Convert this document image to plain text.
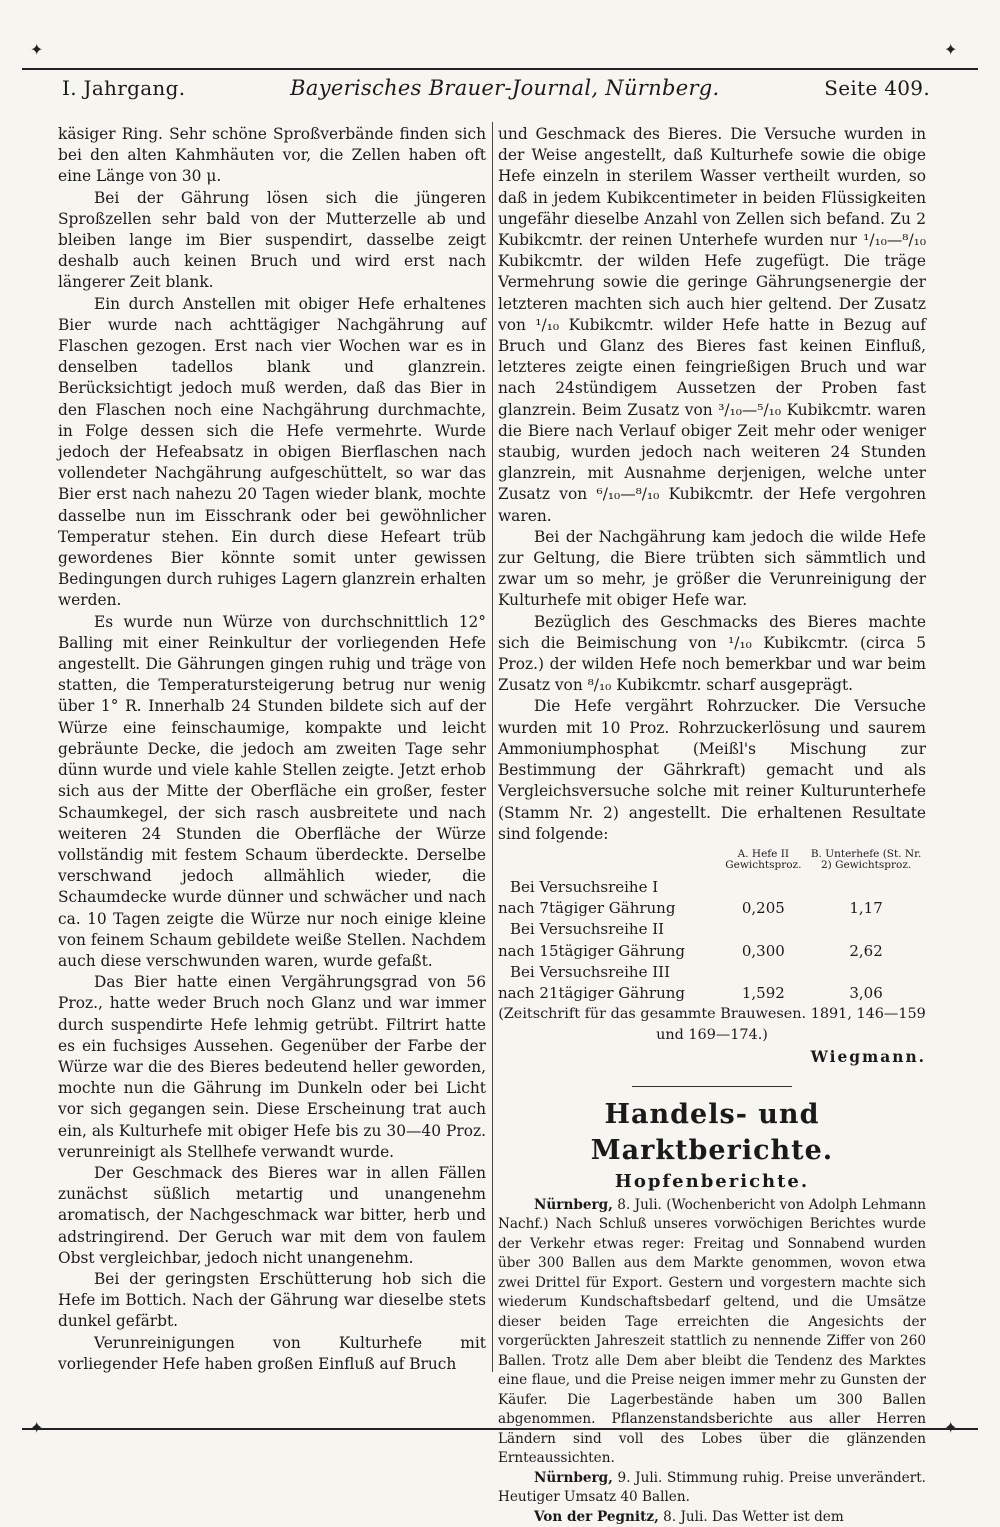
✦	✦
✦	✦
I. Jahrgang.	Bayerisches Brauer-Journal, Nürnberg.	Seite 409.

käsiger Ring. Sehr schöne Sproßverbände finden sich bei den alten Kahmhäuten vor, die Zellen haben oft eine Länge von 30 μ.

Bei der Gährung lösen sich die jüngeren Sproßzellen sehr bald von der Mutterzelle ab und bleiben lange im Bier suspendirt, dasselbe zeigt deshalb auch keinen Bruch und wird erst nach längerer Zeit blank.

Ein durch Anstellen mit obiger Hefe erhaltenes Bier wurde nach achttägiger Nachgährung auf Flaschen gezogen. Erst nach vier Wochen war es in denselben tadellos blank und glanzrein. Berücksichtigt jedoch muß werden, daß das Bier in den Flaschen noch eine Nachgährung durchmachte, in Folge dessen sich die Hefe vermehrte. Wurde jedoch der Hefeabsatz in obigen Bierflaschen nach vollendeter Nachgährung aufgeschüttelt, so war das Bier erst nach nahezu 20 Tagen wieder blank, mochte dasselbe nun im Eisschrank oder bei gewöhnlicher Temperatur stehen. Ein durch diese Hefeart trüb gewordenes Bier könnte somit unter gewissen Bedingungen durch ruhiges Lagern glanzrein erhalten werden.

Es wurde nun Würze von durchschnittlich 12° Balling mit einer Reinkultur der vorliegenden Hefe angestellt. Die Gährungen gingen ruhig und träge von statten, die Temperatursteigerung betrug nur wenig über 1° R. Innerhalb 24 Stunden bildete sich auf der Würze eine feinschaumige, kompakte und leicht gebräunte Decke, die jedoch am zweiten Tage sehr dünn wurde und viele kahle Stellen zeigte. Jetzt erhob sich aus der Mitte der Oberfläche ein großer, fester Schaumkegel, der sich rasch ausbreitete und nach weiteren 24 Stunden die Oberfläche der Würze vollständig mit festem Schaum überdeckte. Derselbe verschwand jedoch allmählich wieder, die Schaumdecke wurde dünner und schwächer und nach ca. 10 Tagen zeigte die Würze nur noch einige kleine von feinem Schaum gebildete weiße Stellen. Nachdem auch diese verschwunden waren, wurde gefaßt.

Das Bier hatte einen Vergährungsgrad von 56 Proz., hatte weder Bruch noch Glanz und war immer durch suspendirte Hefe lehmig getrübt. Filtrirt hatte es ein fuchsiges Aussehen. Gegenüber der Farbe der Würze war die des Bieres bedeutend heller geworden, mochte nun die Gährung im Dunkeln oder bei Licht vor sich gegangen sein. Diese Erscheinung trat auch ein, als Kulturhefe mit obiger Hefe bis zu 30—40 Proz. verunreinigt als Stellhefe verwandt wurde.

Der Geschmack des Bieres war in allen Fällen zunächst süßlich metartig und unangenehm aromatisch, der Nachgeschmack war bitter, herb und adstringirend. Der Geruch war mit dem von faulem Obst vergleichbar, jedoch nicht unangenehm.

Bei der geringsten Erschütterung hob sich die Hefe im Bottich. Nach der Gährung war dieselbe stets dunkel gefärbt.

Verunreinigungen von Kulturhefe mit vorliegender Hefe haben großen Einfluß auf Bruch

und Geschmack des Bieres. Die Versuche wurden in der Weise angestellt, daß Kulturhefe sowie die obige Hefe einzeln in sterilem Wasser vertheilt wurden, so daß in jedem Kubikcentimeter in beiden Flüssigkeiten ungefähr dieselbe Anzahl von Zellen sich befand. Zu 2 Kubikcmtr. der reinen Unterhefe wurden nur ¹/₁₀—⁸/₁₀ Kubikcmtr. der wilden Hefe zugefügt. Die träge Vermehrung sowie die geringe Gährungsenergie der letzteren machten sich auch hier geltend. Der Zusatz von ¹/₁₀ Kubikcmtr. wilder Hefe hatte in Bezug auf Bruch und Glanz des Bieres fast keinen Einfluß, letzteres zeigte einen feingrießigen Bruch und war nach 24stündigem Aussetzen der Proben fast glanzrein. Beim Zusatz von ³/₁₀—⁵/₁₀ Kubikcmtr. waren die Biere nach Verlauf obiger Zeit mehr oder weniger staubig, wurden jedoch nach weiteren 24 Stunden glanzrein, mit Ausnahme derjenigen, welche unter Zusatz von ⁶/₁₀—⁸/₁₀ Kubikcmtr. der Hefe vergohren waren.

Bei der Nachgährung kam jedoch die wilde Hefe zur Geltung, die Biere trübten sich sämmtlich und zwar um so mehr, je größer die Verunreinigung der Kulturhefe mit obiger Hefe war.

Bezüglich des Geschmacks des Bieres machte sich die Beimischung von ¹/₁₀ Kubikcmtr. (circa 5 Proz.) der wilden Hefe noch bemerkbar und war beim Zusatz von ⁸/₁₀ Kubikcmtr. scharf ausgeprägt.

Die Hefe vergährt Rohrzucker. Die Versuche wurden mit 10 Proz. Rohrzuckerlösung und saurem Ammoniumphosphat (Meißl's Mischung zur Bestimmung der Gährkraft) gemacht und als Vergleichsversuche solche mit reiner Kulturunterhefe (Stamm Nr. 2) angestellt. Die erhaltenen Resultate sind folgende:

	A. Hefe II Gewichtsproz.	B. Unterhefe (St. Nr. 2) Gewichtsproz.
Bei Versuchsreihe I		
nach 7tägiger Gährung	0,205	1,17
Bei Versuchsreihe II		
nach 15tägiger Gährung	0,300	2,62
Bei Versuchsreihe III		
nach 21tägiger Gährung	1,592	3,06

(Zeitschrift für das gesammte Brauwesen. 1891, 146—159 und 169—174.)

Wiegmann.

Handels- und Marktberichte.
Hopfenberichte.

Nürnberg, 8. Juli. (Wochenbericht von Adolph Lehmann Nachf.) Nach Schluß unseres vorwöchigen Berichtes wurde der Verkehr etwas reger: Freitag und Sonnabend wurden über 300 Ballen aus dem Markte genommen, wovon etwa zwei Drittel für Export. Gestern und vorgestern machte sich wiederum Kundschaftsbedarf geltend, und die Umsätze dieser beiden Tage erreichten die Angesichts der vorgerückten Jahreszeit stattlich zu nennende Ziffer von 260 Ballen. Trotz alle Dem aber bleibt die Tendenz des Marktes eine flaue, und die Preise neigen immer mehr zu Gunsten der Käufer. Die Lagerbestände haben um 300 Ballen abgenommen. Pflanzenstandsberichte aus aller Herren Ländern sind voll des Lobes über die glänzenden Ernteaussichten.

Nürnberg, 9. Juli. Stimmung ruhig. Preise unverändert. Heutiger Umsatz 40 Ballen.

Von der Pegnitz, 8. Juli. Das Wetter ist dem
